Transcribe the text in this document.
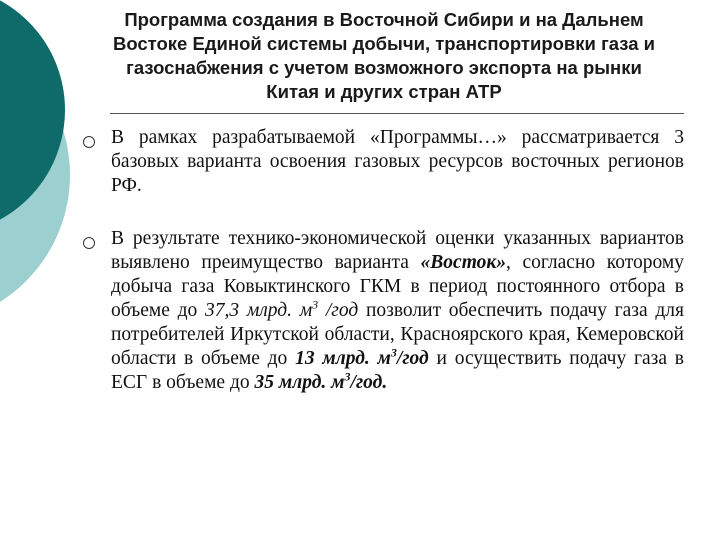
Программа создания в Восточной Сибири и на Дальнем
Востоке Единой системы добычи, транспортировки газа и
газоснабжения с учетом возможного экспорта на рынки
Китая и других стран АТР
В рамках разрабатываемой «Программы…» рассматривается 3 базовых варианта освоения газовых ресурсов восточных регионов РФ.
В результате технико-экономической оценки указанных вариантов выявлено преимущество варианта «Восток», согласно которому добыча газа Ковыктинского ГКМ в период постоянного отбора в объеме до 37,3 млрд. $м^3$ /год позволит обеспечить подачу газа для потребителей Иркутской области, Красноярского края, Кемеровской области в объеме до 13 млрд. $м^3$/год и осуществить подачу газа в ЕСГ в объеме до 35 млрд. $м^3$/год.
